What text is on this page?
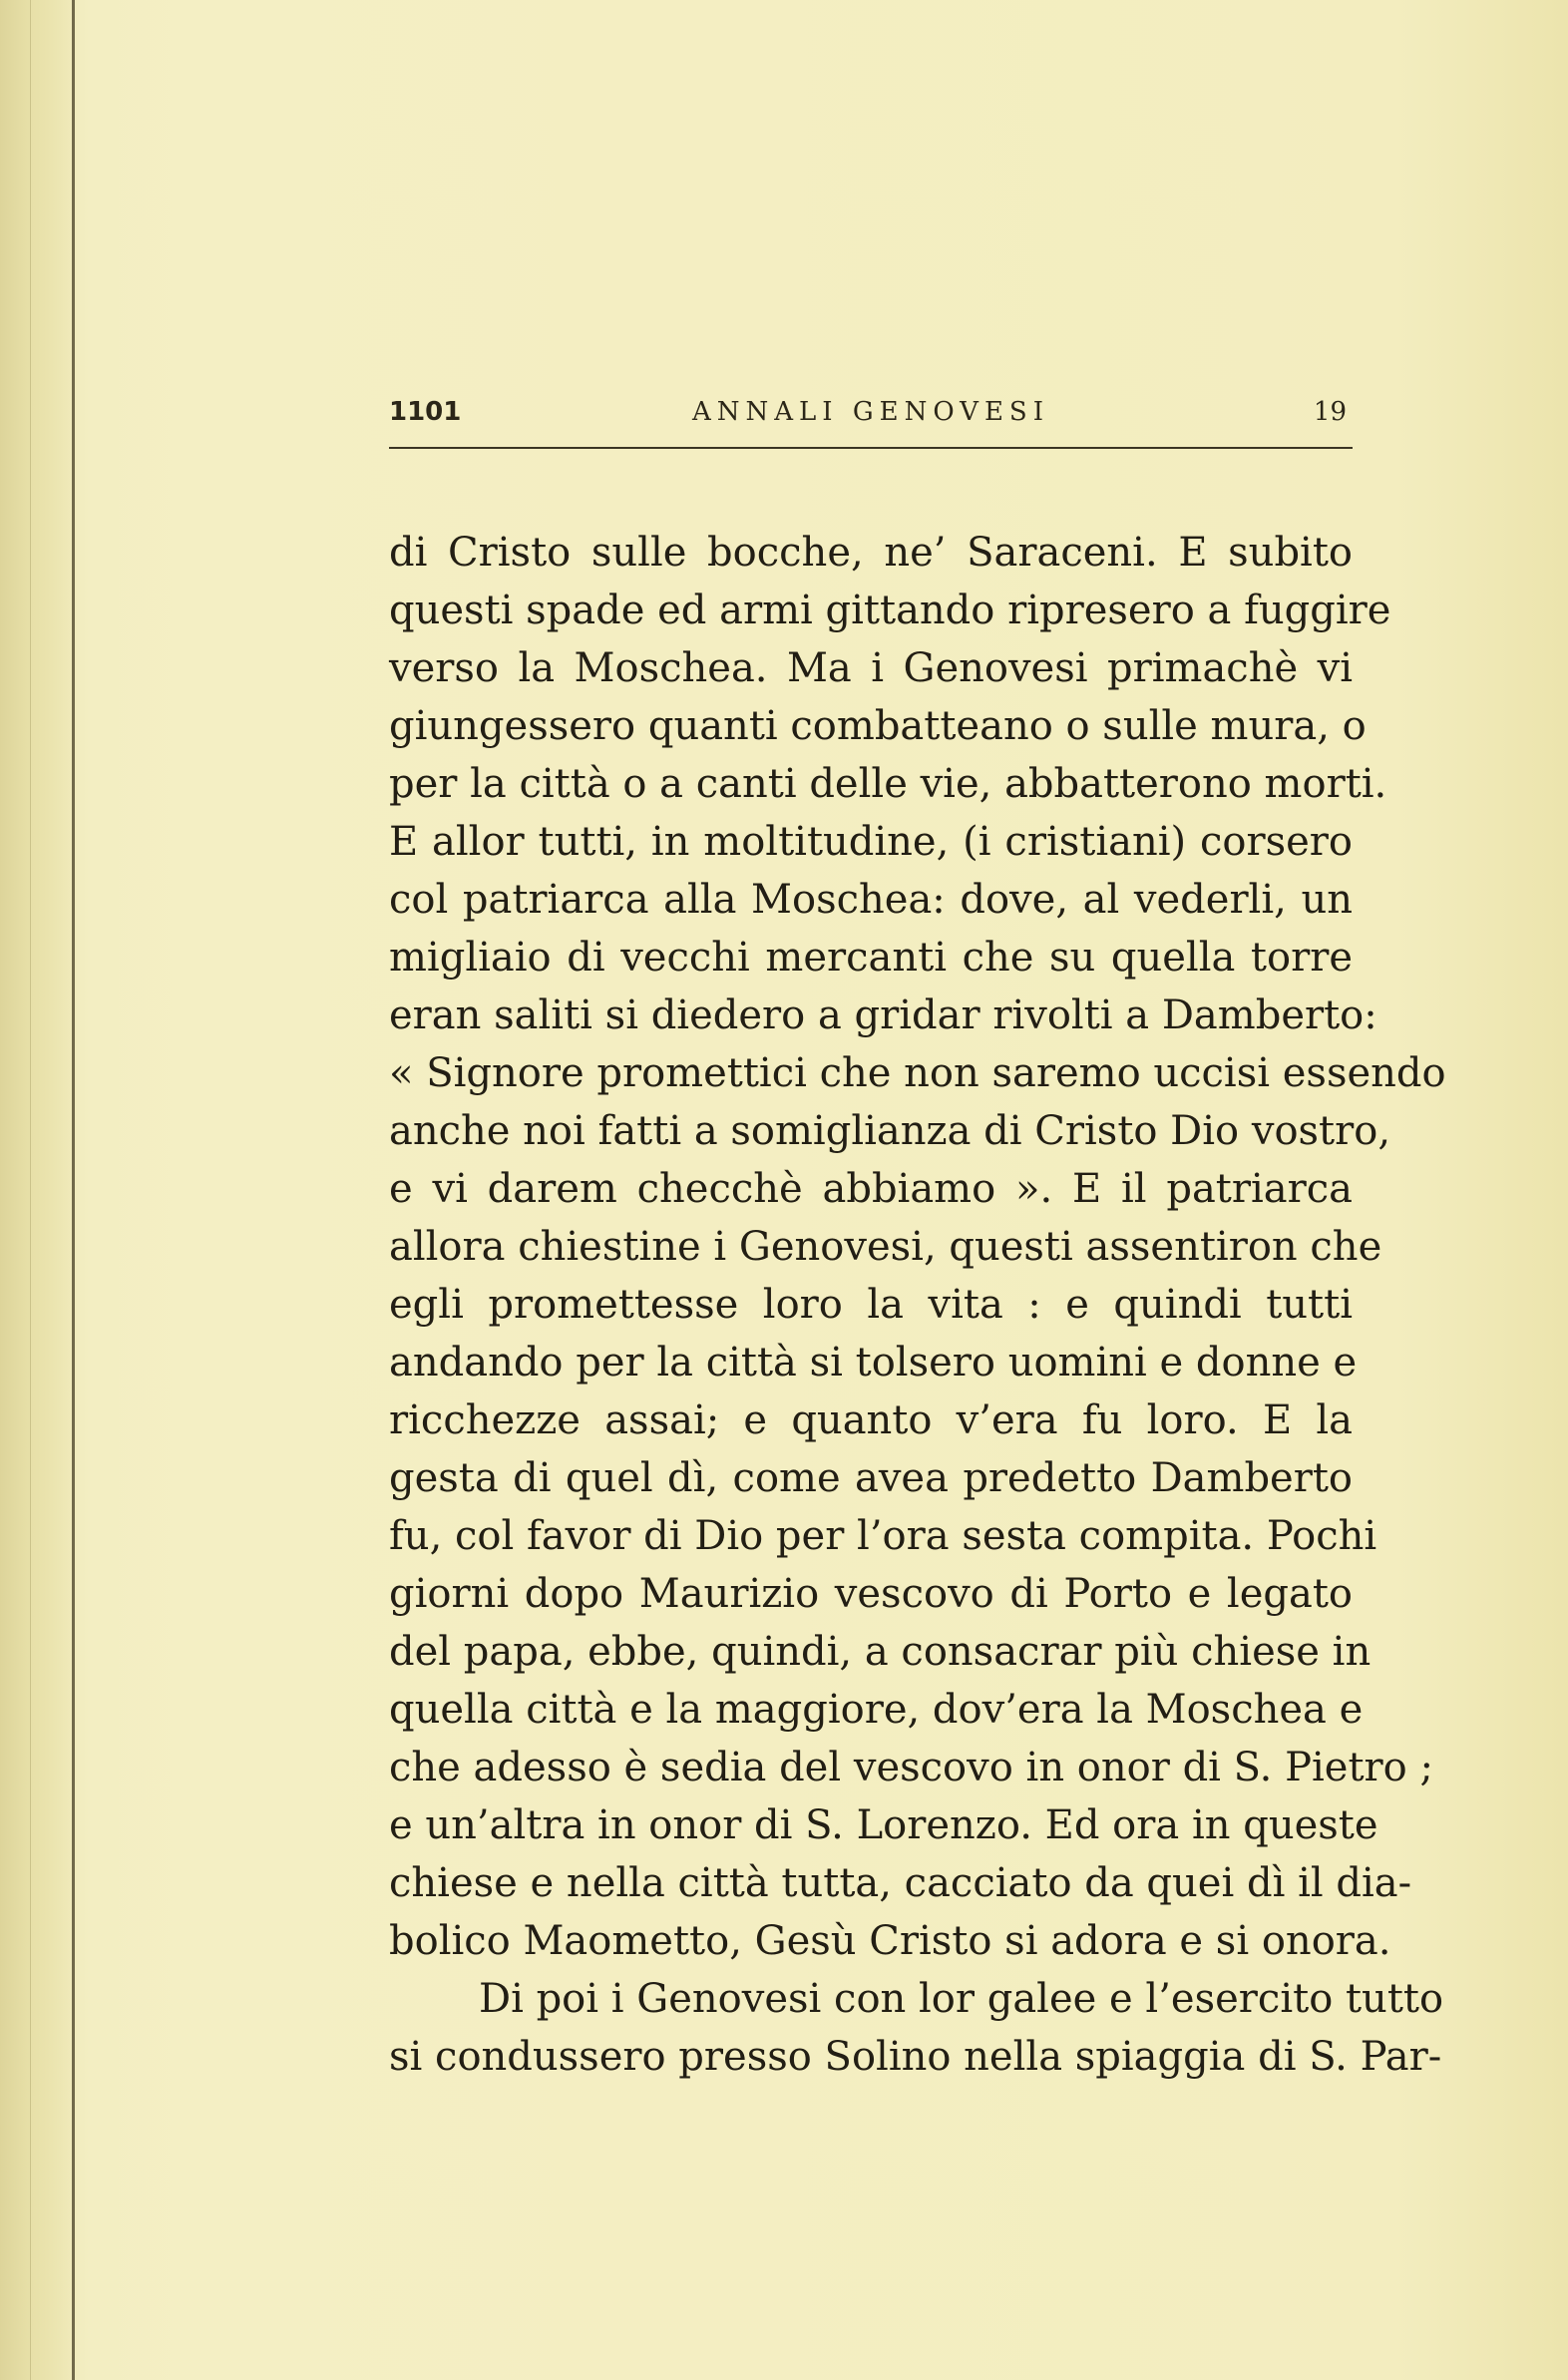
1101	ANNALI GENOVESI	19
di Cristo sulle bocche, ne’ Saraceni. E subito
questi spade ed armi gittando ripresero a fuggire
verso la Moschea. Ma i Genovesi primachè vi
giungessero quanti combatteano o sulle mura, o
per la città o a canti delle vie, abbatterono morti.
E allor tutti, in moltitudine, (i cristiani) corsero
col patriarca alla Moschea: dove, al vederli, un
migliaio di vecchi mercanti che su quella torre
eran saliti si diedero a gridar rivolti a Damberto:
« Signore promettici che non saremo uccisi essendo
anche noi fatti a somiglianza di Cristo Dio vostro,
e vi darem checchè abbiamo ». E il patriarca
allora chiestine i Genovesi, questi assentiron che
egli promettesse loro la vita : e quindi tutti
andando per la città si tolsero uomini e donne e
ricchezze assai; e quanto v’era fu loro. E la
gesta di quel dì, come avea predetto Damberto
fu, col favor di Dio per l’ora sesta compita. Pochi
giorni dopo Maurizio vescovo di Porto e legato
del papa, ebbe, quindi, a consacrar più chiese in
quella città e la maggiore, dov’era la Moschea e
che adesso è sedia del vescovo in onor di S. Pietro ;
e un’altra in onor di S. Lorenzo. Ed ora in queste
chiese e nella città tutta, cacciato da quei dì il dia-
bolico Maometto, Gesù Cristo si adora e si onora.
Di poi i Genovesi con lor galee e l’esercito tutto
si condussero presso Solino nella spiaggia di S. Par-
